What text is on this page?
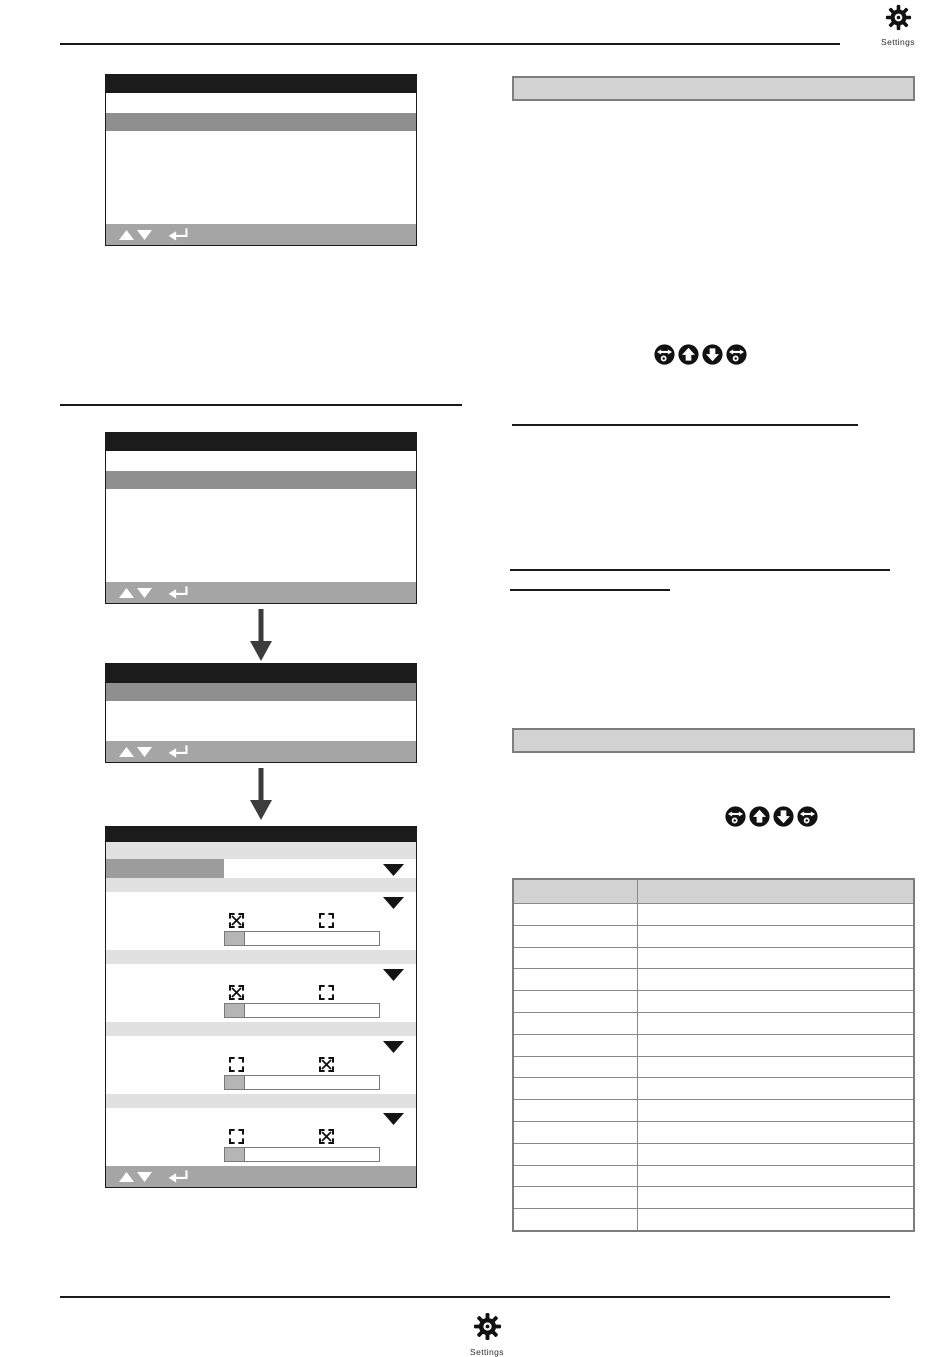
Settings

Settings
